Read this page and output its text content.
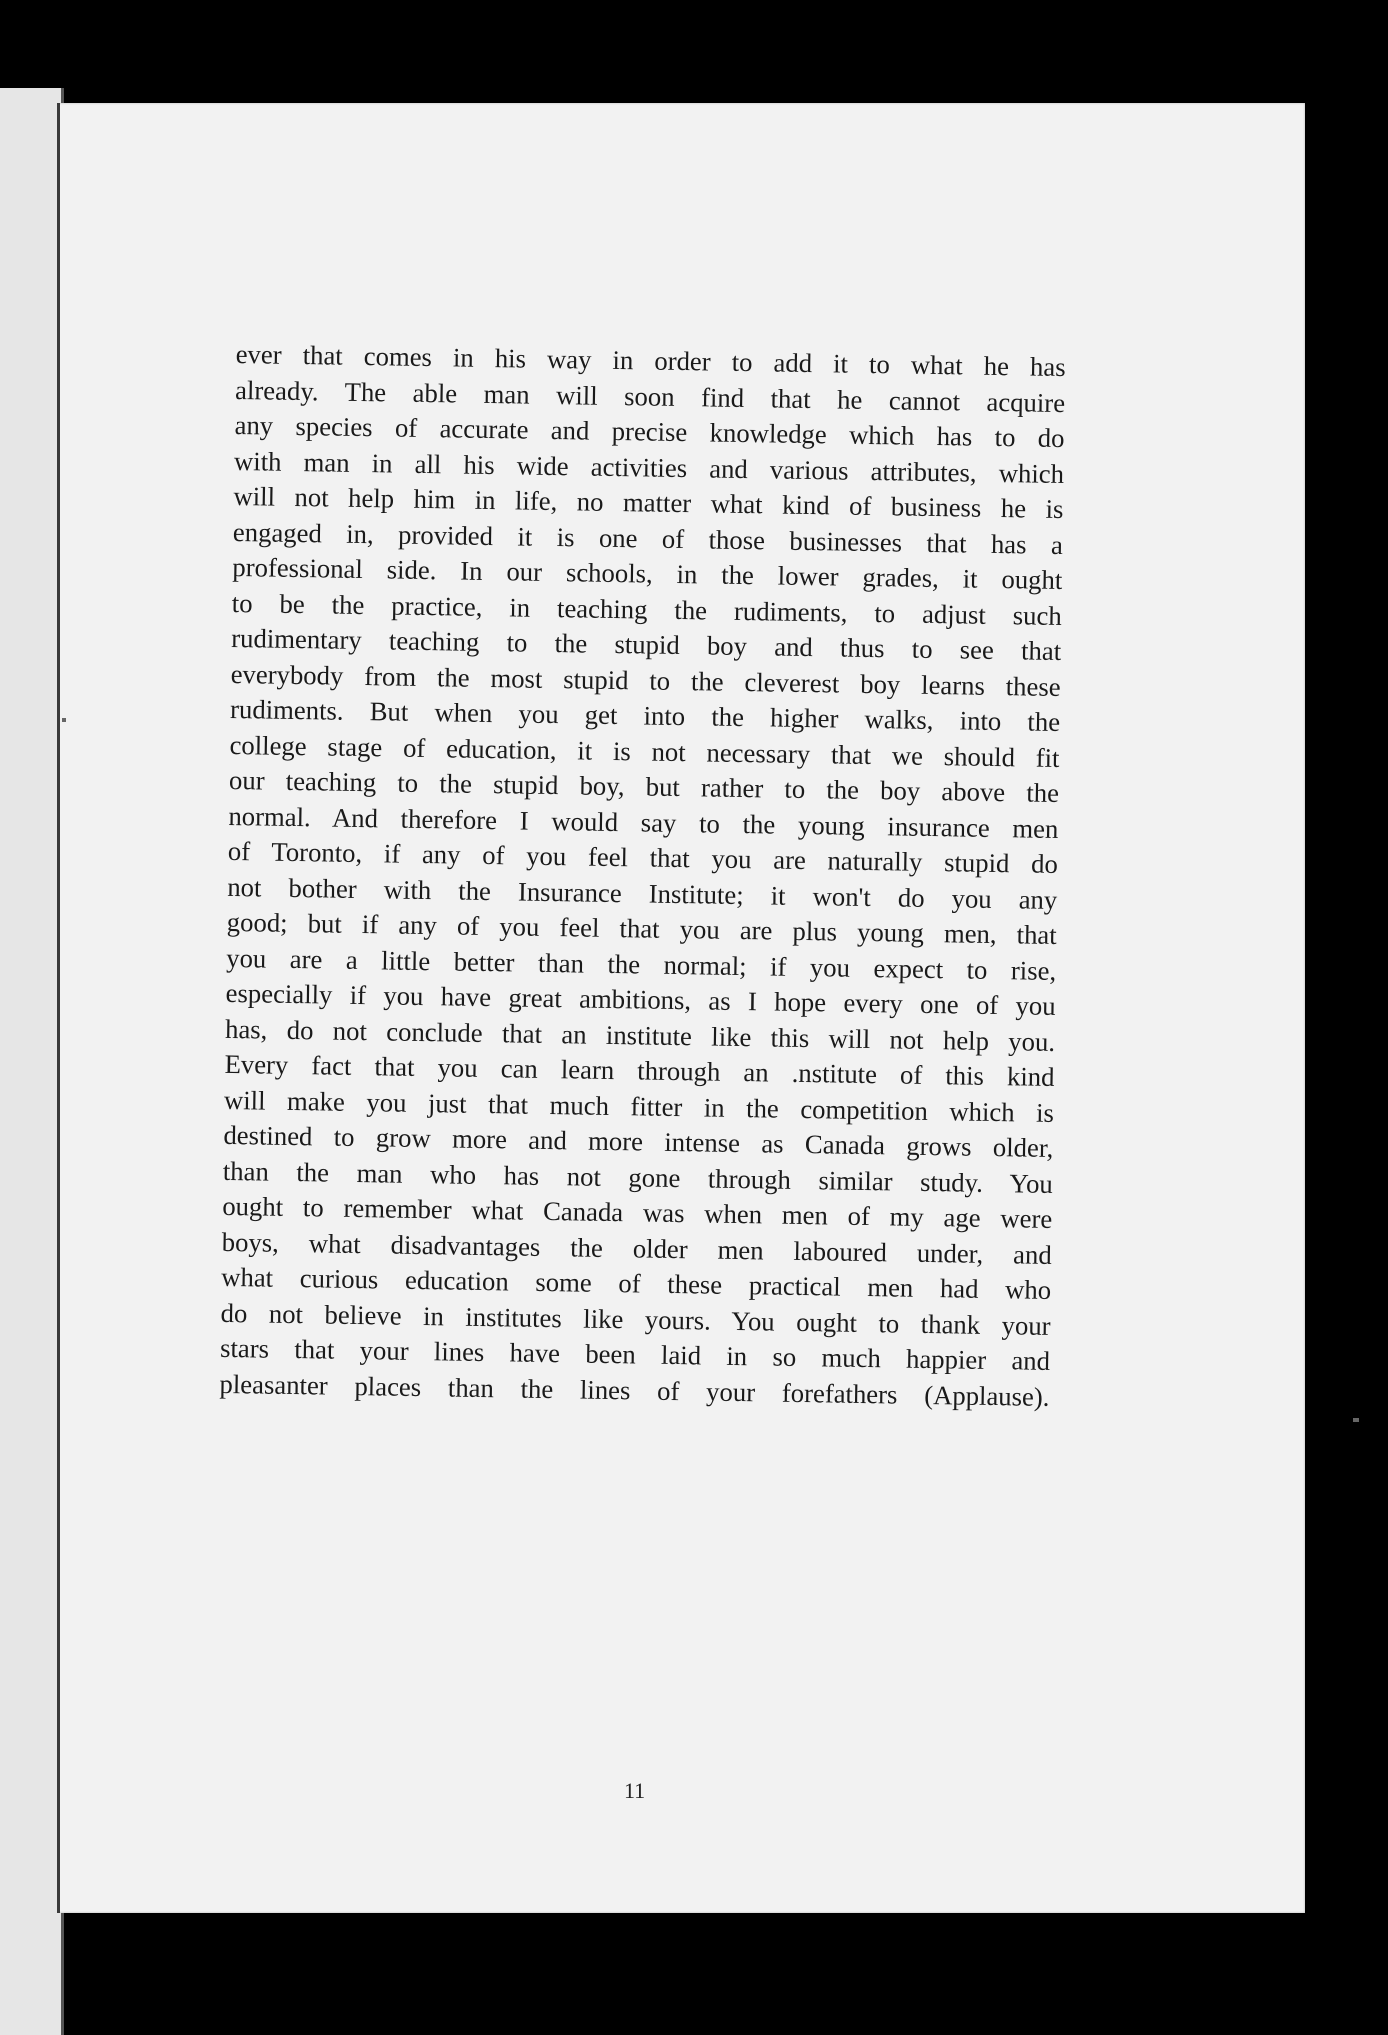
ever that comes in his way in order to add it to what he has
already. The able man will soon find that he cannot acquire
any species of accurate and precise knowledge which has to do
with man in all his wide activities and various attributes, which
will not help him in life, no matter what kind of business he is
engaged in, provided it is one of those businesses that has a
professional side. In our schools, in the lower grades, it ought
to be the practice, in teaching the rudiments, to adjust such
rudimentary teaching to the stupid boy and thus to see that
everybody from the most stupid to the cleverest boy learns these
rudiments. But when you get into the higher walks, into the
college stage of education, it is not necessary that we should fit
our teaching to the stupid boy, but rather to the boy above the
normal. And therefore I would say to the young insurance men
of Toronto, if any of you feel that you are naturally stupid do
not bother with the Insurance Institute; it won't do you any
good; but if any of you feel that you are plus young men, that
you are a little better than the normal; if you expect to rise,
especially if you have great ambitions, as I hope every one of you
has, do not conclude that an institute like this will not help you.
Every fact that you can learn through an .nstitute of this kind
will make you just that much fitter in the competition which is
destined to grow more and more intense as Canada grows older,
than the man who has not gone through similar study. You
ought to remember what Canada was when men of my age were
boys, what disadvantages the older men laboured under, and
what curious education some of these practical men had who
do not believe in institutes like yours. You ought to thank your
stars that your lines have been laid in so much happier and
pleasanter places than the lines of your forefathers (Applause).
11
